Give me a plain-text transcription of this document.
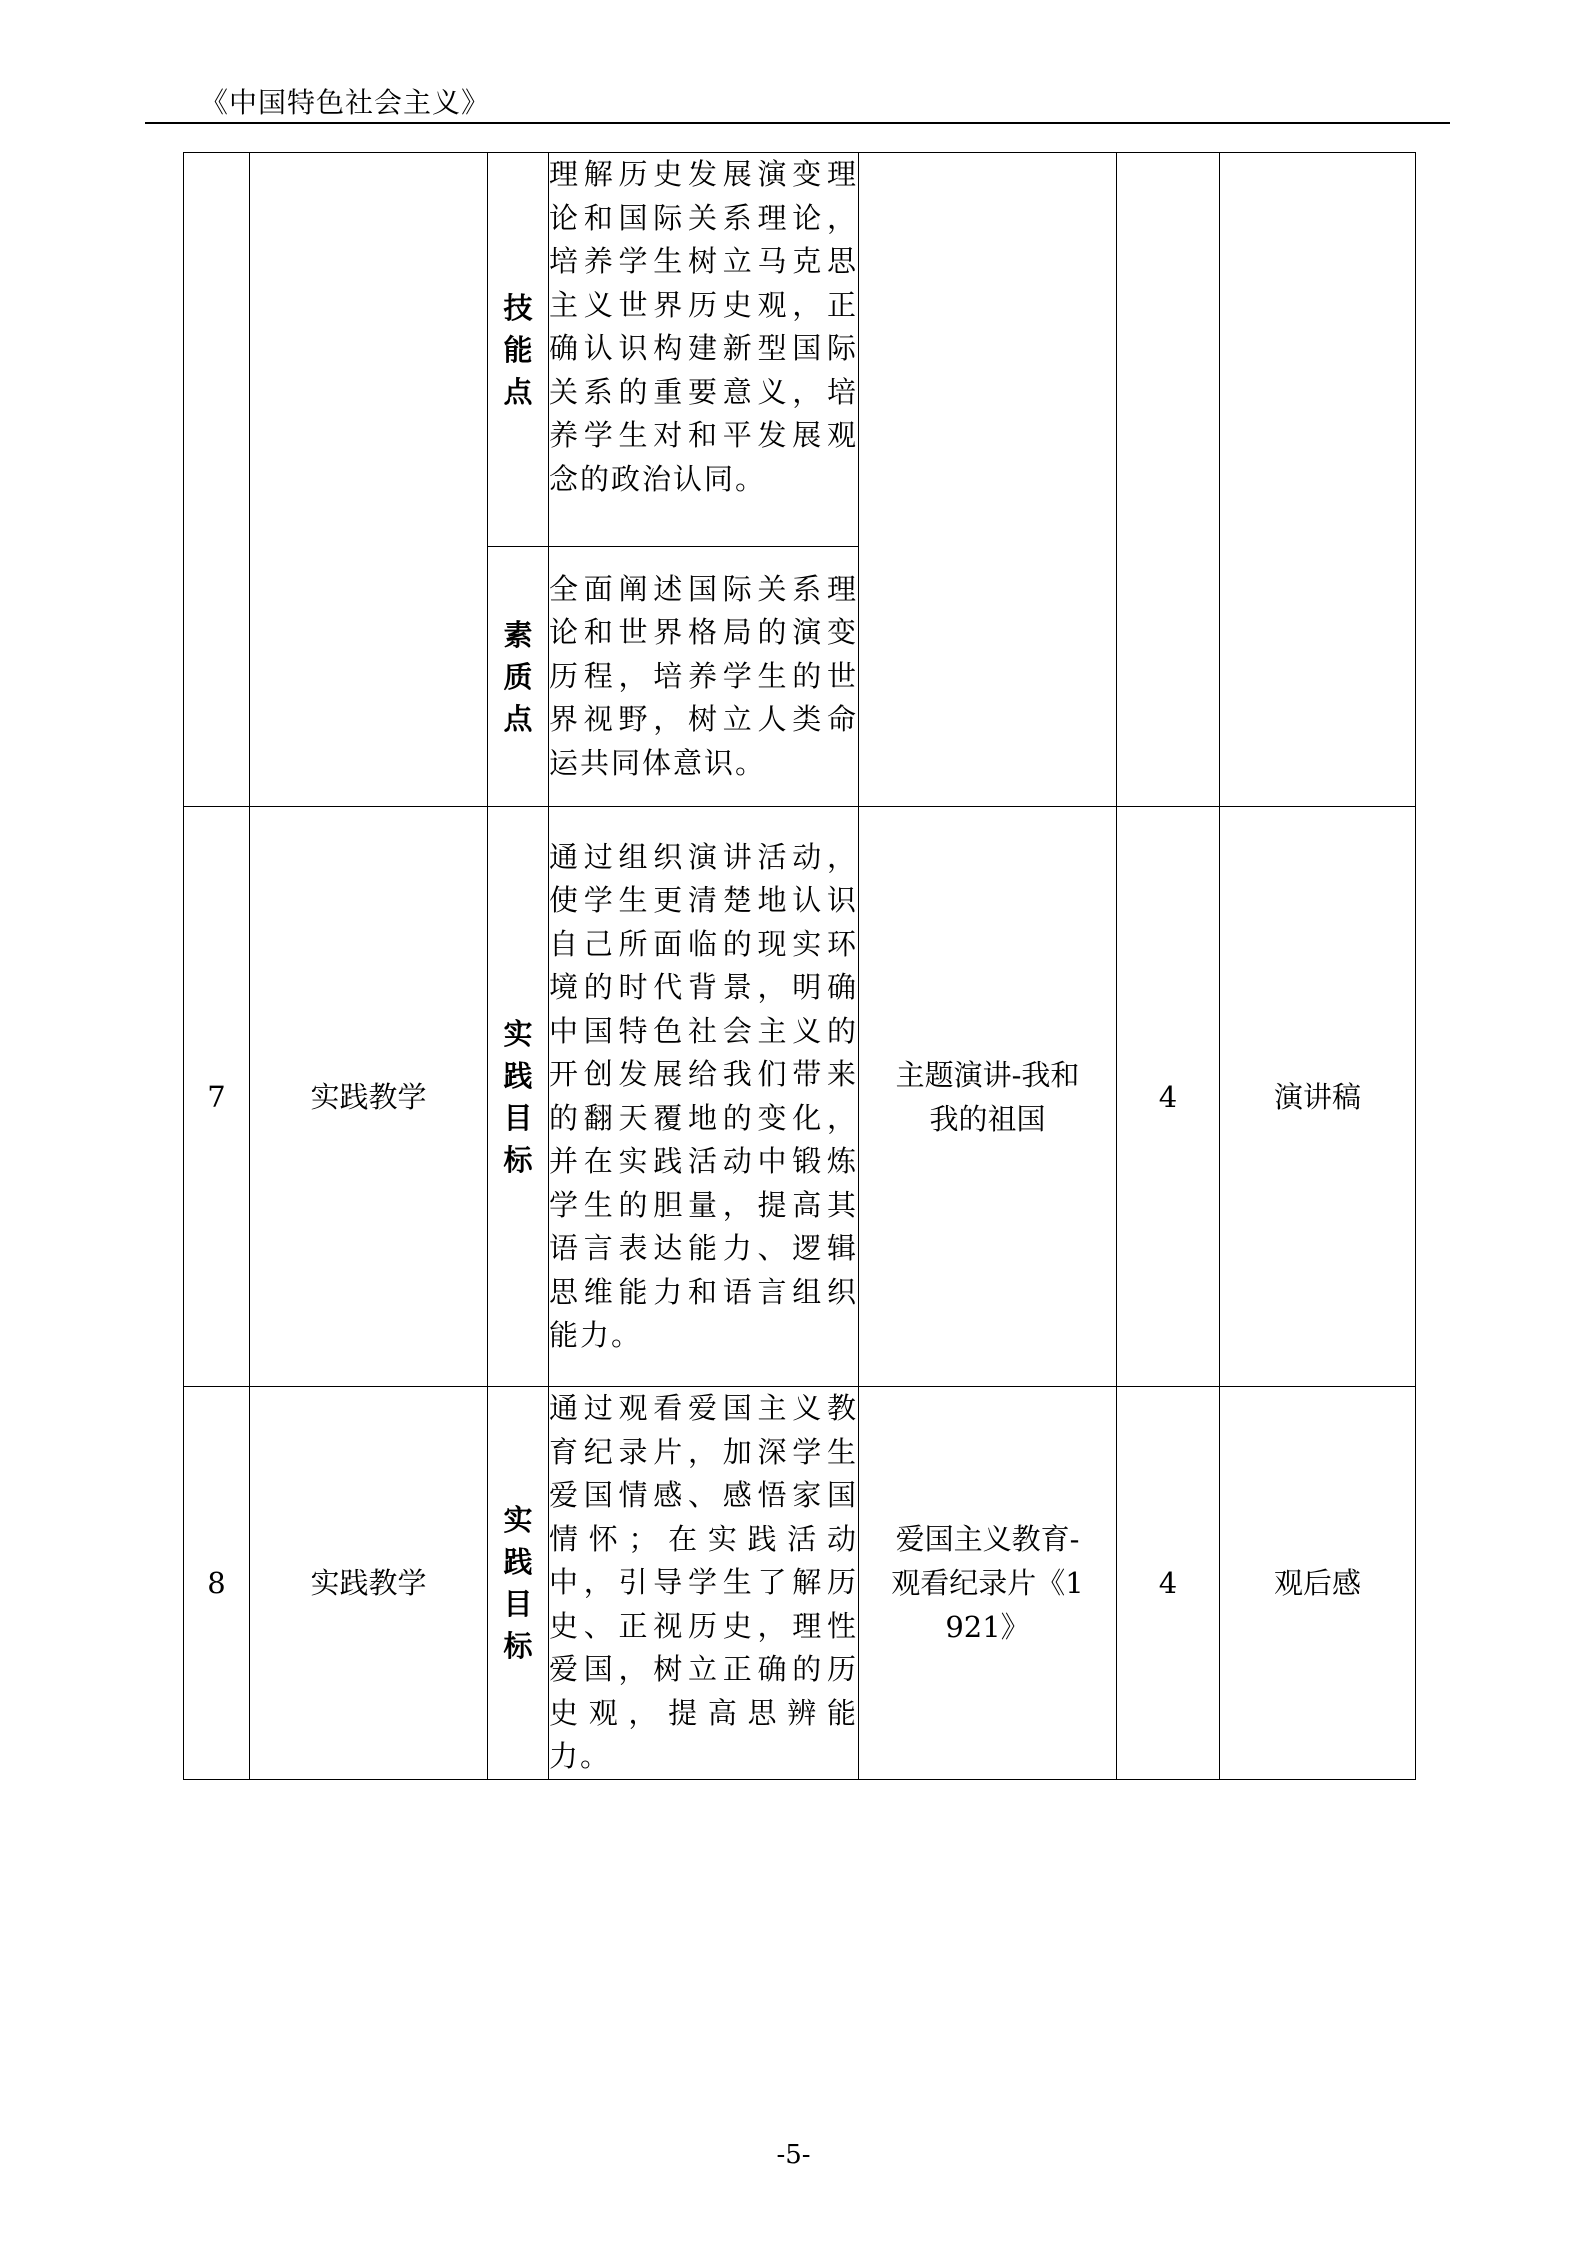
《中国特色社会主义》
		技能点	理解历史发展演变理论和国际关系理论，培养学生树立马克思主义世界历史观，正确认识构建新型国际关系的重要意义，培养学生对和平发展观念的政治认同。			
		素质点	全面阐述国际关系理论和世界格局的演变历程，培养学生的世界视野，树立人类命运共同体意识。			
7	实践教学	实践目标	通过组织演讲活动，使学生更清楚地认识自己所面临的现实环境的时代背景，明确中国特色社会主义的开创发展给我们带来的翻天覆地的变化，并在实践活动中锻炼学生的胆量，提高其语言表达能力、逻辑思维能力和语言组织能力。	主题演讲-我和我的祖国	4	演讲稿
8	实践教学	实践目标	通过观看爱国主义教育纪录片，加深学生爱国情感、感悟家国情怀；在实践活动中，引导学生了解历史、正视历史，理性爱国，树立正确的历史观，提高思辨能力。	爱国主义教育-观看纪录片《1921》	4	观后感
-5-
